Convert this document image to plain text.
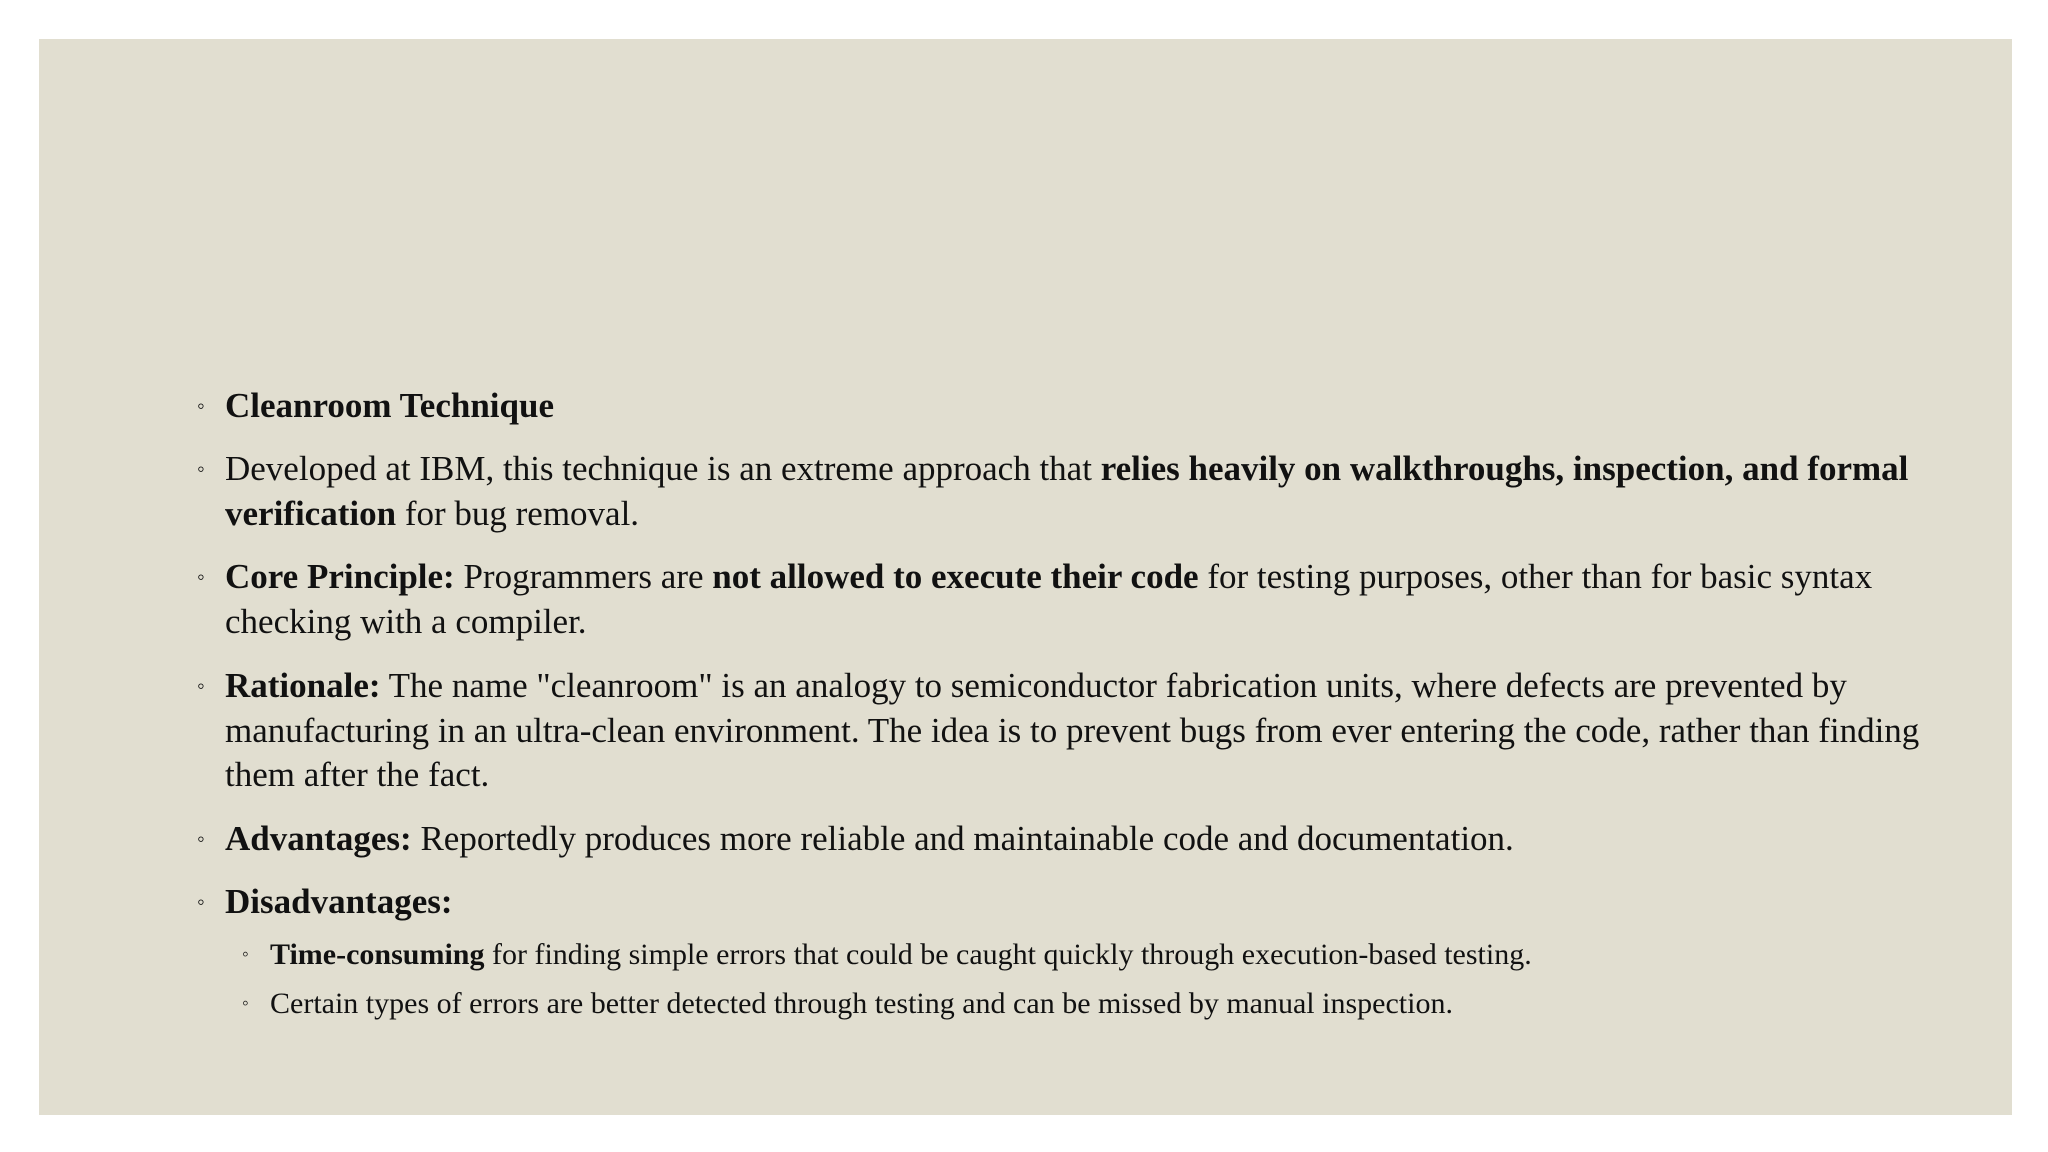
◦ Cleanroom Technique
◦ Developed at IBM, this technique is an extreme approach that relies heavily on walkthroughs, inspection, and formal verification for bug removal.
◦ Core Principle: Programmers are not allowed to execute their code for testing purposes, other than for basic syntax checking with a compiler.
◦ Rationale: The name "cleanroom" is an analogy to semiconductor fabrication units, where defects are prevented by manufacturing in an ultra-clean environment. The idea is to prevent bugs from ever entering the code, rather than finding them after the fact.
◦ Advantages: Reportedly produces more reliable and maintainable code and documentation.
◦ Disadvantages:
◦ Time-consuming for finding simple errors that could be caught quickly through execution-based testing.
◦ Certain types of errors are better detected through testing and can be missed by manual inspection.
